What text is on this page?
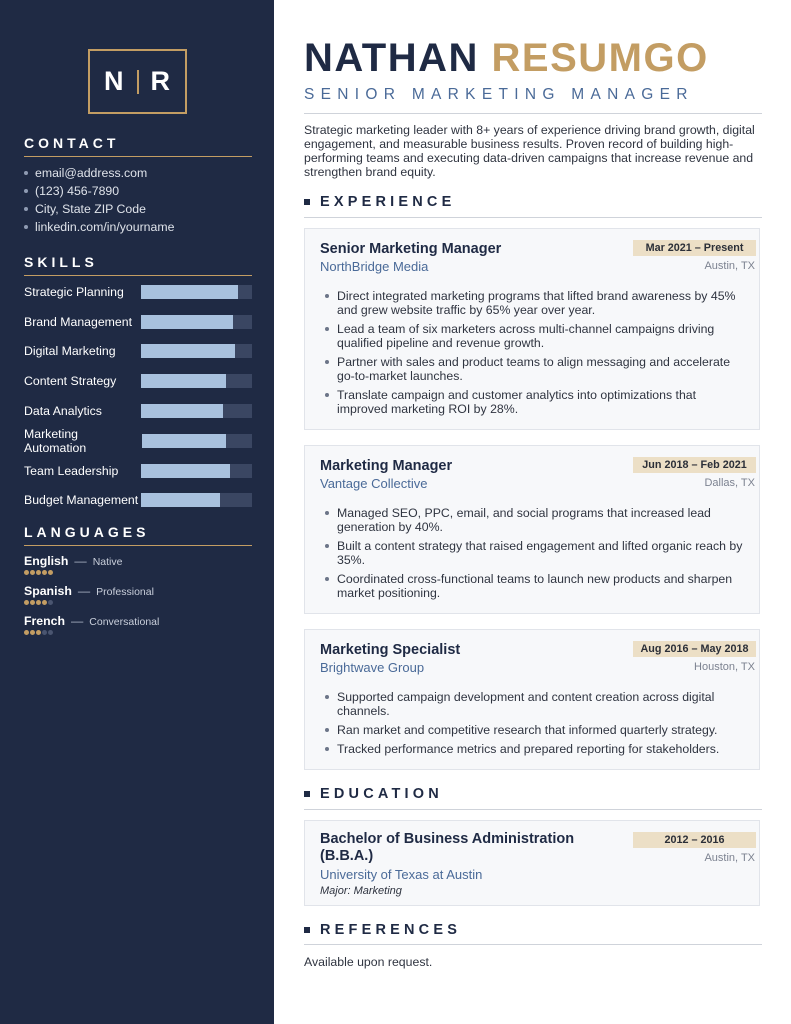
N R
CONTACT
email@address.com
(123) 456-7890
City, State ZIP Code
linkedin.com/in/yourname
SKILLS
Strategic Planning
Brand Management
Digital Marketing
Content Strategy
Data Analytics
Marketing Automation
Team Leadership
Budget Management
LANGUAGES
English — Native
Spanish — Professional
French — Conversational
NATHAN RESUMGO
SENIOR MARKETING MANAGER

Strategic marketing leader with 8+ years of experience driving brand growth, digital engagement, and measurable business results. Proven record of building high-performing teams and executing data-driven campaigns that increase revenue and strengthen brand equity.

EXPERIENCE
Senior Marketing Manager	Mar 2021 – Present
NorthBridge Media	Austin, TX
Direct integrated marketing programs that lifted brand awareness by 45% and grew website traffic by 65% year over year.
Lead a team of six marketers across multi-channel campaigns driving qualified pipeline and revenue growth.
Partner with sales and product teams to align messaging and accelerate go-to-market launches.
Translate campaign and customer analytics into optimizations that improved marketing ROI by 28%.
Marketing Manager	Jun 2018 – Feb 2021
Vantage Collective	Dallas, TX
Managed SEO, PPC, email, and social programs that increased lead generation by 40%.
Built a content strategy that raised engagement and lifted organic reach by 35%.
Coordinated cross-functional teams to launch new products and sharpen market positioning.
Marketing Specialist	Aug 2016 – May 2018
Brightwave Group	Houston, TX
Supported campaign development and content creation across digital channels.
Ran market and competitive research that informed quarterly strategy.
Tracked performance metrics and prepared reporting for stakeholders.
EDUCATION
Bachelor of Business Administration (B.B.A.)
2012 – 2016
Austin, TX
University of Texas at Austin
Major: Marketing
REFERENCES
Available upon request.
